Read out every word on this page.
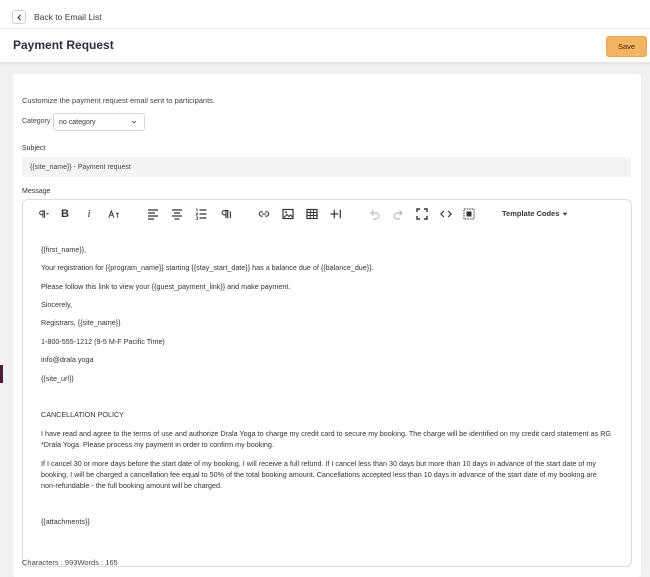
Back to Email List
Payment Request	Save
Customize the payment request email sent to participants.
Category no category
Subject
{{site_name}} - Payment request
Message
B	i	Template Codes

{{first_name}},

Your registration for {{program_name}} starting {{stay_start_date}} has a balance due of {{balance_due}}.

Please follow this link to view your {{guest_payment_link}} and make payment.

Sincerely,

Registrars, {{site_name}}

1-800-555-1212 (9-5 M-F Pacific Time)

info@drala.yoga

{{site_url}}

CANCELLATION POLICY

I have read and agree to the terms of use and authorize Drala Yoga to charge my credit card to secure my booking. The charge will be identified on my credit card statement as RG *Drala Yoga. Please process my payment in order to confirm my booking.

If I cancel 30 or more days before the start date of my booking, I will receive a full refund. If I cancel less than 30 days but more than 10 days in advance of the start date of my booking, I will be charged a cancellation fee equal to 50% of the total booking amount. Cancellations accepted less than 10 days in advance of the start date of my booking are non-refundable - the full booking amount will be charged.

{{attachments}}

Characters : 993Words : 165
